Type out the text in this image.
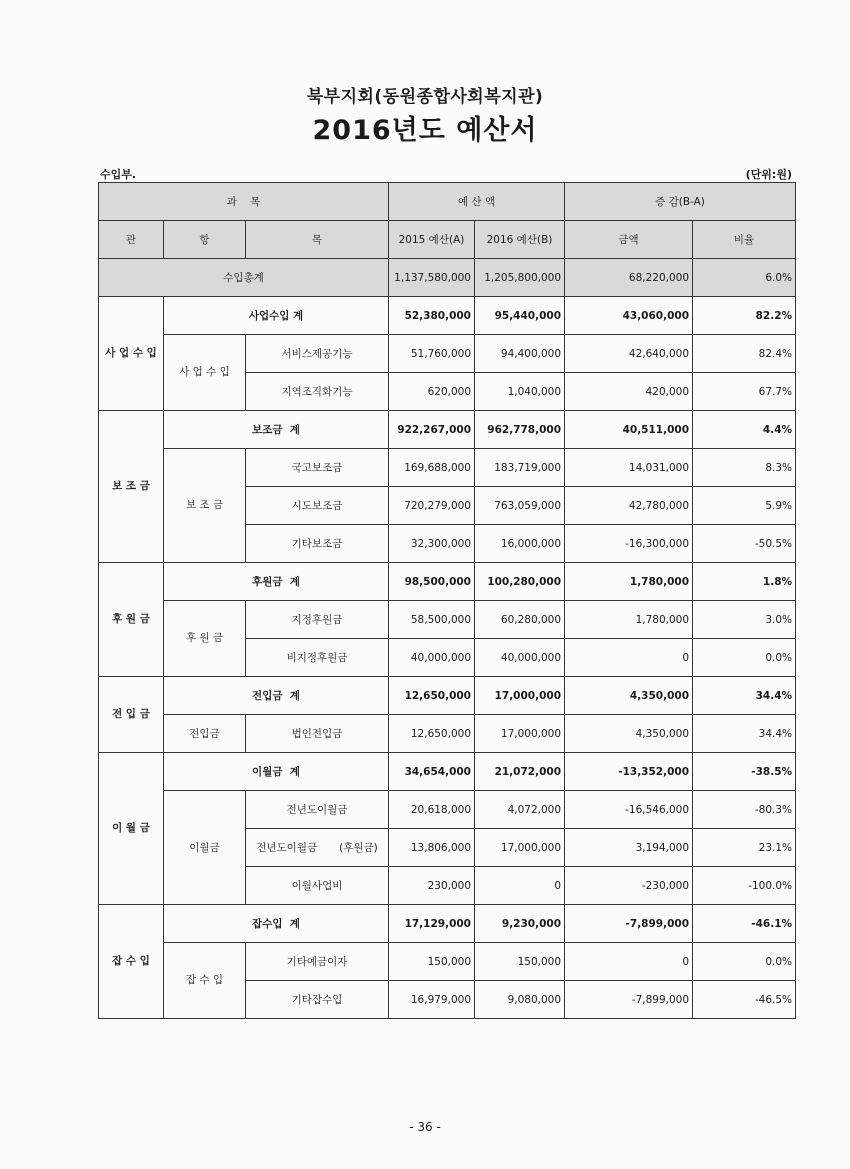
북부지회(동원종합사회복지관)
2016년도 예산서
수입부.	(단위:원)
과    목			예 산 액		증 감(B-A)	
관	항	목	2015 예산(A)	2016 예산(B)	금액	비율
수입총계			1,137,580,000	1,205,800,000	68,220,000	6.0%
사 업 수 입	사업수입 계		52,380,000	95,440,000	43,060,000	82.2%
	사 업 수 입	서비스제공기능	51,760,000	94,400,000	42,640,000	82.4%
		지역조직화기능	620,000	1,040,000	420,000	67.7%
보 조 금	보조금  계		922,267,000	962,778,000	40,511,000	4.4%
	보 조 금	국고보조금	169,688,000	183,719,000	14,031,000	8.3%
		시도보조금	720,279,000	763,059,000	42,780,000	5.9%
		기타보조금	32,300,000	16,000,000	-16,300,000	-50.5%
후 원 금	후원금  계		98,500,000	100,280,000	1,780,000	1.8%
	후 원 금	지정후원금	58,500,000	60,280,000	1,780,000	3.0%
		비지정후원금	40,000,000	40,000,000	0	0.0%
전 입 금	전입금  계		12,650,000	17,000,000	4,350,000	34.4%
	전입금	법인전입금	12,650,000	17,000,000	4,350,000	34.4%
이 월 금	이월금  계		34,654,000	21,072,000	-13,352,000	-38.5%
	이월금	전년도이월금	20,618,000	4,072,000	-16,546,000	-80.3%
		전년도이월금 (후원금)	13,806,000	17,000,000	3,194,000	23.1%
		이월사업비	230,000	0	-230,000	-100.0%
잡 수 입	잡수입  계		17,129,000	9,230,000	-7,899,000	-46.1%
	잡 수 입	기타예금이자	150,000	150,000	0	0.0%
		기타잡수입	16,979,000	9,080,000	-7,899,000	-46.5%
- 36 -
